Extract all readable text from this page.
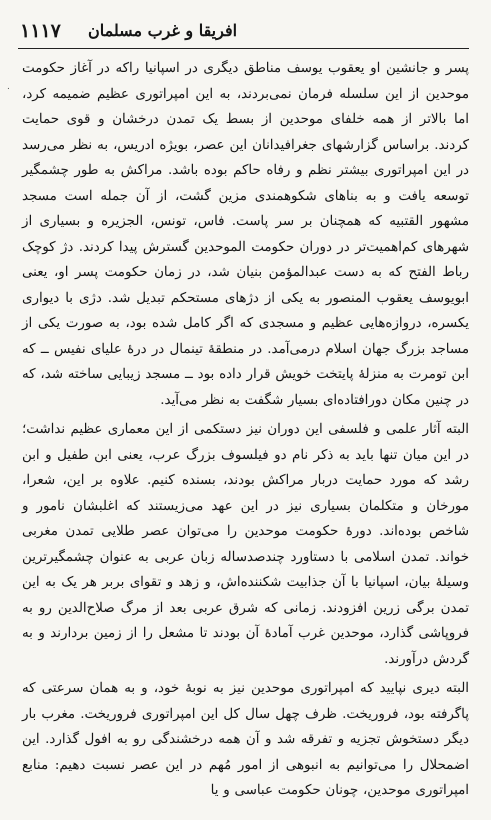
۱۱۱۷ افریقا و غرب مسلمان
٠

پسر و جانشین او یعقوب یوسف مناطق دیگری در اسپانیا راکه در آغاز حکومت موحدین از این سلسله فرمان نمی‌بردند، به این امپراتوری عظیم ضمیمه کرد، اما بالاتر از همه خلفای موحدین از بسط یک تمدن درخشان و قوی حمایت کردند. براساس گزارشهای جغرافیدانان این عصر، بویژه ادریس، به نظر می‌رسد در این امپراتوری بیشتر نظم و رفاه حاکم بوده باشد. مراکش به طور چشمگیر توسعه یافت و به بناهای شکوهمندی مزین گشت، از آن جمله است مسجد مشهور القتبیه که همچنان بر سر پاست. فاس، تونس، الجزیره و بسیاری از شهرهای کم‌اهمیت‌تر در دوران حکومت الموحدین گسترش پیدا کردند. دژ کوچک رباط الفتح که به دست عبدالمؤمن بنیان شد، در زمان حکومت پسر او، یعنی ابویوسف یعقوب المنصور به یکی از دژهای مستحکم تبدیل شد. دژی با دیواری یکسره، دروازه‌هایی عظیم و مسجدی که اگر کامل شده بود، به صورت یکی از مساجد بزرگ جهان اسلام درمی‌آمد. در منطقهٔ تینمال در درهٔ علیای نفیس ــ که ابن تومرت به منزلهٔ پایتخت خویش قرار داده بود ــ مسجد زیبایی ساخته شد، که در چنین مکان دورافتاده‌ای بسیار شگفت به نظر می‌آید.

البته آثار علمی و فلسفی این دوران نیز دستکمی از این معماری عظیم نداشت؛ در این میان تنها باید به ذکر نام دو فیلسوف بزرگ عرب، یعنی ابن طفیل و ابن رشد که مورد حمایت دربار مراکش بودند، بسنده کنیم. علاوه بر این، شعرا، مورخان و متکلمان بسیاری نیز در این عهد می‌زیستند که اغلبشان نامور و شاخص بوده‌اند. دورهٔ حکومت موحدین را می‌توان عصر طلایی تمدن مغربی خواند. تمدن اسلامی با دستاورد چندصدساله زبان عربی به عنوان چشمگیرترین وسیلهٔ بیان، اسپانیا با آن جذابیت شکننده‌اش، و زهد و تقوای بربر هر یک به این تمدن برگی زرین افزودند. زمانی که شرق عربی بعد از مرگ صلاح‌الدین رو به فروپاشی گذارد، موحدین غرب آمادهٔ آن بودند تا مشعل را از زمین بردارند و به گردش درآورند.

البته دیری نپایید که امپراتوری موحدین نیز به نوبهٔ خود، و به همان سرعتی که پاگرفته بود، فروریخت. ظرف چهل سال کل این امپراتوری فروریخت. مغرب بار دیگر دستخوش تجزیه و تفرقه شد و آن همه درخشندگی رو به افول گذارد. این اضمحلال را می‌توانیم به انبوهی از امور مُهم در این عصر نسبت دهیم: منابع امپراتوری موحدین، چونان حکومت عباسی و یا
